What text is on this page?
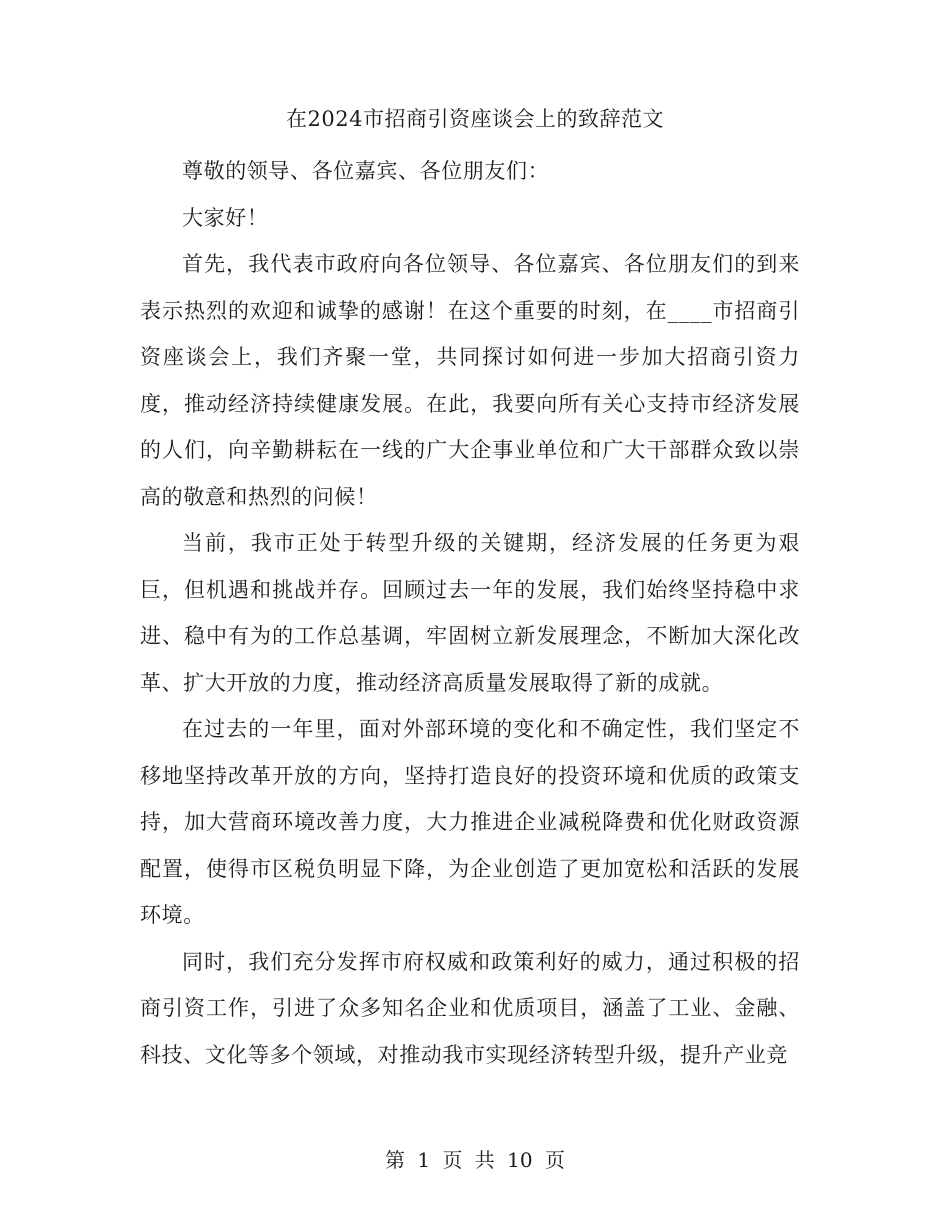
在2024市招商引资座谈会上的致辞范文

尊敬的领导、各位嘉宾、各位朋友们：

大家好！

首先，我代表市政府向各位领导、各位嘉宾、各位朋友们的到来表示热烈的欢迎和诚挚的感谢！在这个重要的时刻，在____市招商引资座谈会上，我们齐聚一堂，共同探讨如何进一步加大招商引资力度，推动经济持续健康发展。在此，我要向所有关心支持市经济发展的人们，向辛勤耕耘在一线的广大企事业单位和广大干部群众致以崇高的敬意和热烈的问候！

当前，我市正处于转型升级的关键期，经济发展的任务更为艰巨，但机遇和挑战并存。回顾过去一年的发展，我们始终坚持稳中求进、稳中有为的工作总基调，牢固树立新发展理念，不断加大深化改革、扩大开放的力度，推动经济高质量发展取得了新的成就。

在过去的一年里，面对外部环境的变化和不确定性，我们坚定不移地坚持改革开放的方向，坚持打造良好的投资环境和优质的政策支持，加大营商环境改善力度，大力推进企业减税降费和优化财政资源配置，使得市区税负明显下降，为企业创造了更加宽松和活跃的发展环境。

同时，我们充分发挥市府权威和政策利好的威力，通过积极的招商引资工作，引进了众多知名企业和优质项目，涵盖了工业、金融、科技、文化等多个领域，对推动我市实现经济转型升级，提升产业竞

第 1 页 共 10 页
